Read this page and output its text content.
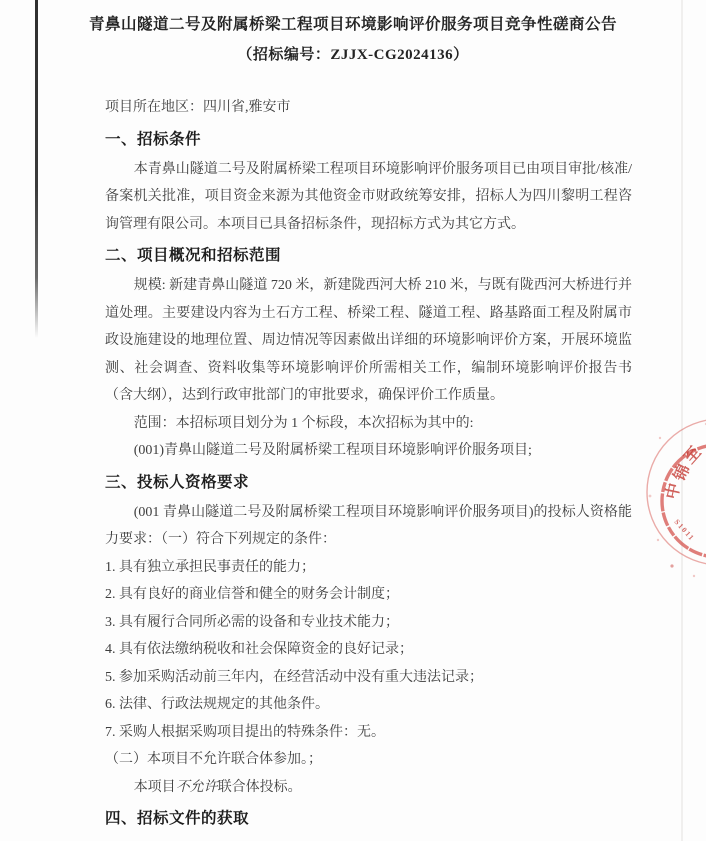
青鼻山隧道二号及附属桥梁工程项目环境影响评价服务项目竞争性磋商公告
（招标编号：ZJJX-CG2024136）

项目所在地区：四川省,雅安市

一、招标条件

本青鼻山隧道二号及附属桥梁工程项目环境影响评价服务项目已由项目审批/核准/备案机关批准，项目资金来源为其他资金市财政统筹安排，招标人为四川黎明工程咨询管理有限公司。本项目已具备招标条件，现招标方式为其它方式。

二、项目概况和招标范围

规模: 新建青鼻山隧道 720 米，新建陇西河大桥 210 米，与既有陇西河大桥进行并道处理。主要建设内容为土石方工程、桥梁工程、隧道工程、路基路面工程及附属市政设施建设的地理位置、周边情况等因素做出详细的环境影响评价方案，开展环境监测、社会调查、资料收集等环境影响评价所需相关工作，编制环境影响评价报告书（含大纲），达到行政审批部门的审批要求，确保评价工作质量。

范围：本招标项目划分为 1 个标段，本次招标为其中的:

(001)青鼻山隧道二号及附属桥梁工程项目环境影响评价服务项目;

三、投标人资格要求

(001 青鼻山隧道二号及附属桥梁工程项目环境影响评价服务项目)的投标人资格能力要求：（一）符合下列规定的条件：

1. 具有独立承担民事责任的能力；

2. 具有良好的商业信誉和健全的财务会计制度；

3. 具有履行合同所必需的设备和专业技术能力；

4. 具有依法缴纳税收和社会保障资金的良好记录；

5. 参加采购活动前三年内，在经营活动中没有重大违法记录；

6. 法律、行政法规规定的其他条件。

7. 采购人根据采购项目提出的特殊条件：无。

（二）本项目不允许联合体参加。；

本项目不允许联合体投标。

四、招标文件的获取
至
锦
中
S1011
